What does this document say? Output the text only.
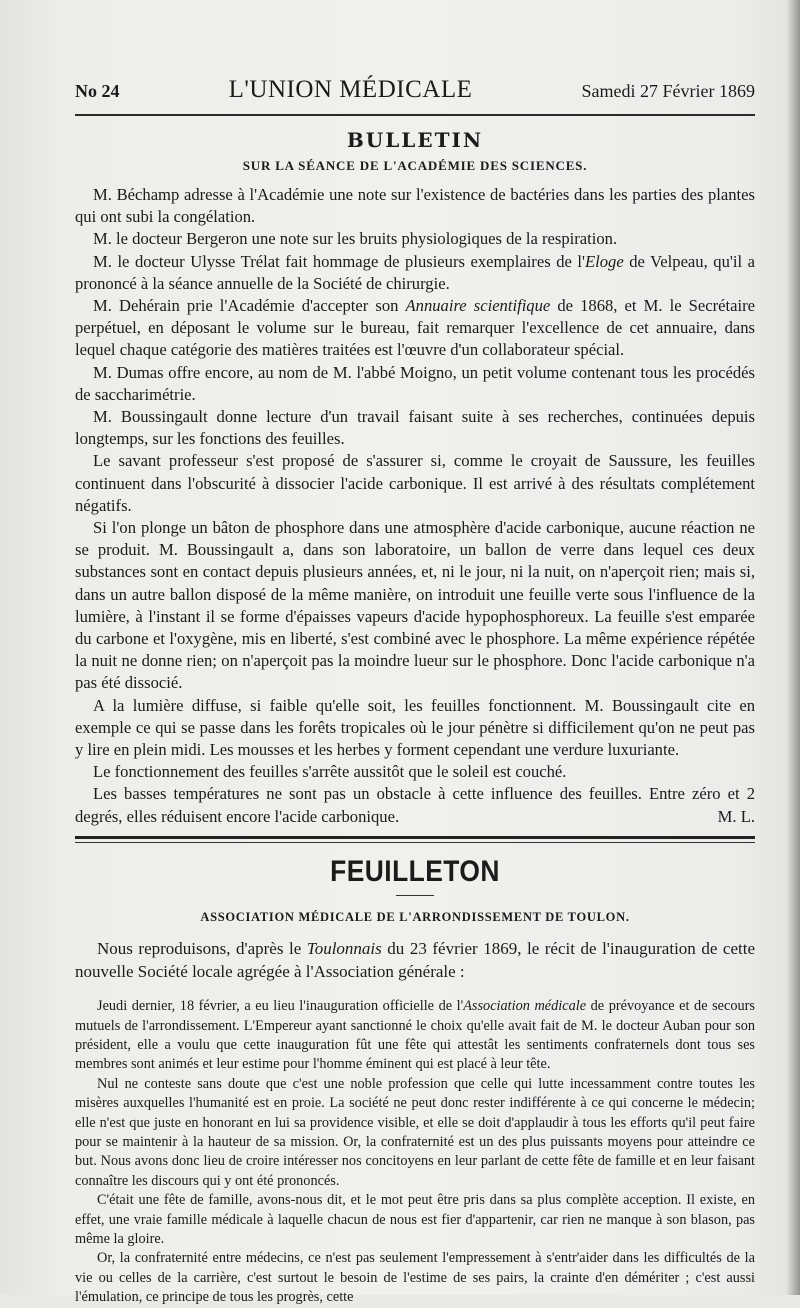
No 24	L'UNION MÉDICALE	Samedi 27 Février 1869
BULLETIN
SUR LA SÉANCE DE L'ACADÉMIE DES SCIENCES.

M. Béchamp adresse à l'Académie une note sur l'existence de bactéries dans les parties des plantes qui ont subi la congélation.

M. le docteur Bergeron une note sur les bruits physiologiques de la respiration.

M. le docteur Ulysse Trélat fait hommage de plusieurs exemplaires de l'Eloge de Velpeau, qu'il a prononcé à la séance annuelle de la Société de chirurgie.

M. Dehérain prie l'Académie d'accepter son Annuaire scientifique de 1868, et M. le Secrétaire perpétuel, en déposant le volume sur le bureau, fait remarquer l'excellence de cet annuaire, dans lequel chaque catégorie des matières traitées est l'œuvre d'un collaborateur spécial.

M. Dumas offre encore, au nom de M. l'abbé Moigno, un petit volume contenant tous les procédés de saccharimétrie.

M. Boussingault donne lecture d'un travail faisant suite à ses recherches, continuées depuis longtemps, sur les fonctions des feuilles.

Le savant professeur s'est proposé de s'assurer si, comme le croyait de Saussure, les feuilles continuent dans l'obscurité à dissocier l'acide carbonique. Il est arrivé à des résultats complétement négatifs.

Si l'on plonge un bâton de phosphore dans une atmosphère d'acide carbonique, aucune réaction ne se produit. M. Boussingault a, dans son laboratoire, un ballon de verre dans lequel ces deux substances sont en contact depuis plusieurs années, et, ni le jour, ni la nuit, on n'aperçoit rien; mais si, dans un autre ballon disposé de la même manière, on introduit une feuille verte sous l'influence de la lumière, à l'instant il se forme d'épaisses vapeurs d'acide hypophosphoreux. La feuille s'est emparée du carbone et l'oxygène, mis en liberté, s'est combiné avec le phosphore. La même expérience répétée la nuit ne donne rien; on n'aperçoit pas la moindre lueur sur le phosphore. Donc l'acide carbonique n'a pas été dissocié.

A la lumière diffuse, si faible qu'elle soit, les feuilles fonctionnent. M. Boussingault cite en exemple ce qui se passe dans les forêts tropicales où le jour pénètre si difficilement qu'on ne peut pas y lire en plein midi. Les mousses et les herbes y forment cependant une verdure luxuriante.

Le fonctionnement des feuilles s'arrête aussitôt que le soleil est couché.

Les basses températures ne sont pas un obstacle à cette influence des feuilles. Entre zéro et 2 degrés, elles réduisent encore l'acide carbonique.	M. L.
FEUILLETON
ASSOCIATION MÉDICALE DE L'ARRONDISSEMENT DE TOULON.

Nous reproduisons, d'après le Toulonnais du 23 février 1869, le récit de l'inauguration de cette nouvelle Société locale agrégée à l'Association générale :

Jeudi dernier, 18 février, a eu lieu l'inauguration officielle de l'Association médicale de prévoyance et de secours mutuels de l'arrondissement. L'Empereur ayant sanctionné le choix qu'elle avait fait de M. le docteur Auban pour son président, elle a voulu que cette inauguration fût une fête qui attestât les sentiments confraternels dont tous ses membres sont animés et leur estime pour l'homme éminent qui est placé à leur tête.

Nul ne conteste sans doute que c'est une noble profession que celle qui lutte incessamment contre toutes les misères auxquelles l'humanité est en proie. La société ne peut donc rester indifférente à ce qui concerne le médecin; elle n'est que juste en honorant en lui sa providence visible, et elle se doit d'applaudir à tous les efforts qu'il peut faire pour se maintenir à la hauteur de sa mission. Or, la confraternité est un des plus puissants moyens pour atteindre ce but. Nous avons donc lieu de croire intéresser nos concitoyens en leur parlant de cette fête de famille et en leur faisant connaître les discours qui y ont été prononcés.

C'était une fête de famille, avons-nous dit, et le mot peut être pris dans sa plus complète acception. Il existe, en effet, une vraie famille médicale à laquelle chacun de nous est fier d'appartenir, car rien ne manque à son blason, pas même la gloire.

Or, la confraternité entre médecins, ce n'est pas seulement l'empressement à s'entr'aider dans les difficultés de la vie ou celles de la carrière, c'est surtout le besoin de l'estime de ses pairs, la crainte d'en démériter ; c'est aussi l'émulation, ce principe de tous les progrès, cette
